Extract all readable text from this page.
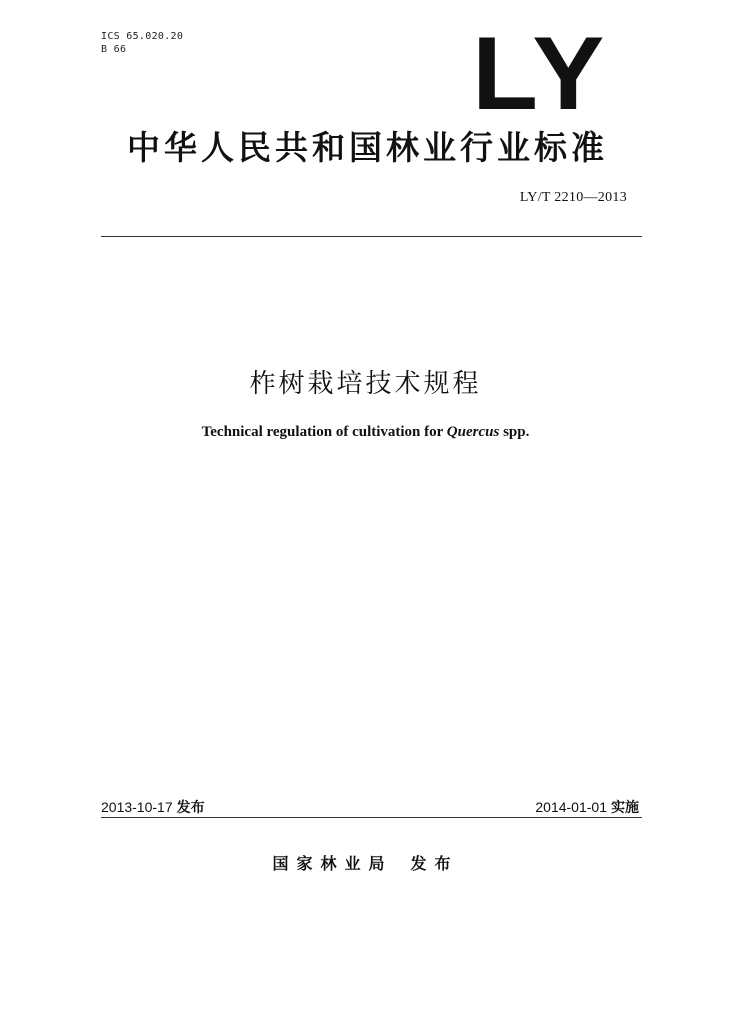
ICS 65.020.20
B 66	LY
中华人民共和国林业行业标准
LY/T 2210—2013
柞树栽培技术规程
Technical regulation of cultivation for Quercus spp.
2013-10-17 发布	2014-01-01 实施
国家林业局 发布
